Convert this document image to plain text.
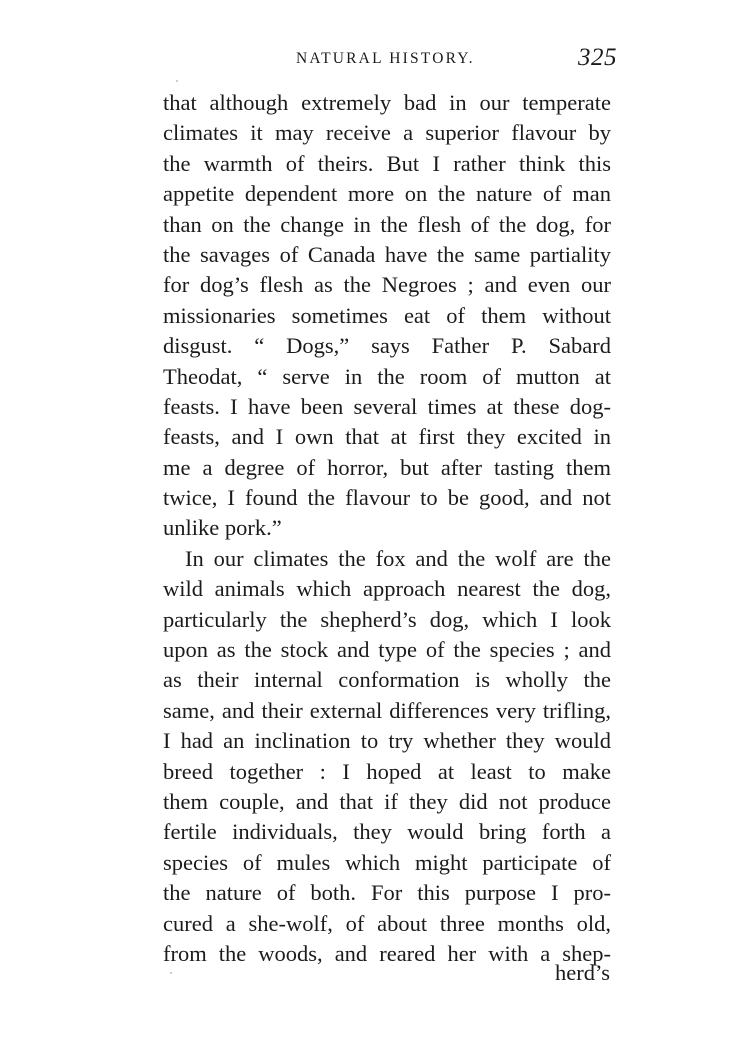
NATURAL HISTORY.	325
that although extremely bad in our temperate
climates it may receive a superior flavour by
the warmth of theirs. But I rather think this
appetite dependent more on the nature of man
than on the change in the flesh of the dog, for
the savages of Canada have the same partiality
for dog’s flesh as the Negroes ; and even our
missionaries sometimes eat of them without
disgust. “ Dogs,” says Father P. Sabard
Theodat, “ serve in the room of mutton at
feasts. I have been several times at these dog-
feasts, and I own that at first they excited in
me a degree of horror, but after tasting them
twice, I found the flavour to be good, and not
unlike pork.”
In our climates the fox and the wolf are the
wild animals which approach nearest the dog,
particularly the shepherd’s dog, which I look
upon as the stock and type of the species ; and
as their internal conformation is wholly the
same, and their external differences very trifling,
I had an inclination to try whether they would
breed together : I hoped at least to make
them couple, and that if they did not produce
fertile individuals, they would bring forth a
species of mules which might participate of
the nature of both. For this purpose I pro-
cured a she-wolf, of about three months old,
from the woods, and reared her with a shep-
herd’s
